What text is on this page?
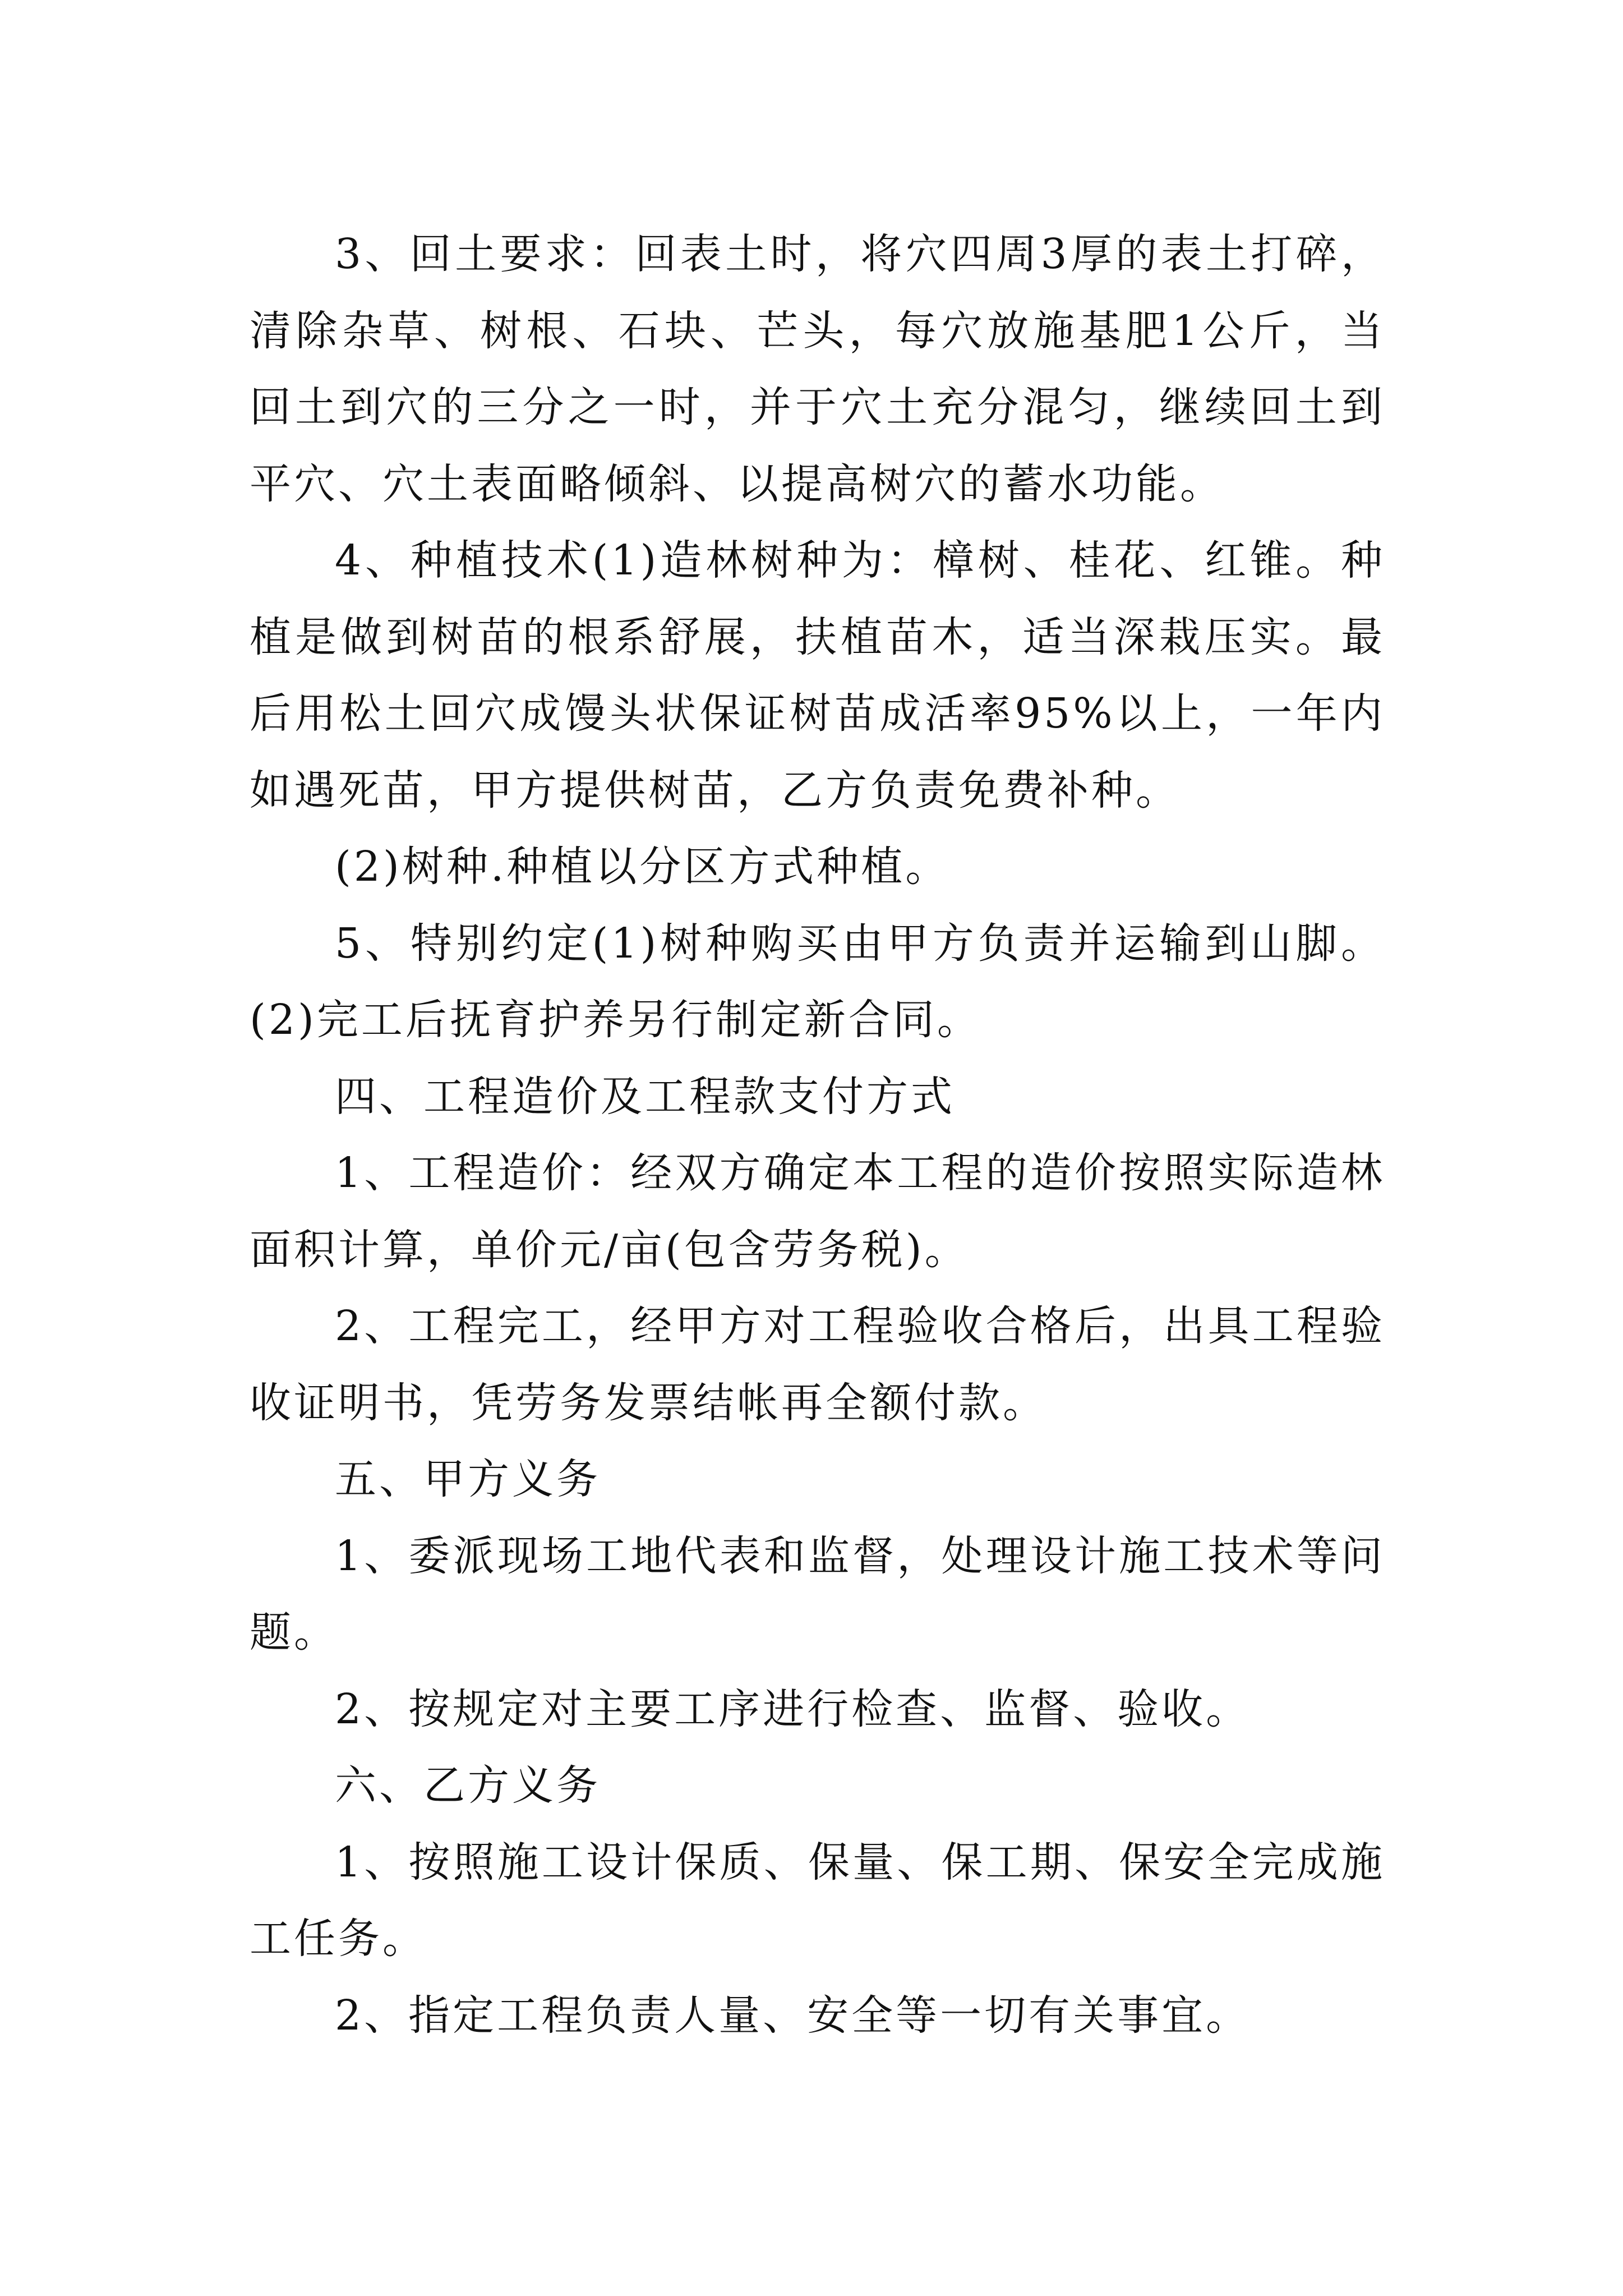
3、回土要求：回表土时，将穴四周3厚的表土打碎，清除杂草、树根、石块、芒头，每穴放施基肥1公斤，当回土到穴的三分之一时，并于穴土充分混匀，继续回土到平穴、穴土表面略倾斜、以提高树穴的蓄水功能。

4、种植技术(1)造林树种为：樟树、桂花、红锥。种植是做到树苗的根系舒展，扶植苗木，适当深栽压实。最后用松土回穴成馒头状保证树苗成活率95%以上，一年内如遇死苗，甲方提供树苗，乙方负责免费补种。

(2)树种.种植以分区方式种植。

5、特别约定(1)树种购买由甲方负责并运输到山脚。(2)完工后抚育护养另行制定新合同。

四、工程造价及工程款支付方式

1、工程造价：经双方确定本工程的造价按照实际造林面积计算，单价元/亩(包含劳务税)。

2、工程完工，经甲方对工程验收合格后，出具工程验收证明书，凭劳务发票结帐再全额付款。

五、甲方义务

1、委派现场工地代表和监督，处理设计施工技术等问题。

2、按规定对主要工序进行检查、监督、验收。

六、乙方义务

1、按照施工设计保质、保量、保工期、保安全完成施工任务。

2、指定工程负责人量、安全等一切有关事宜。
